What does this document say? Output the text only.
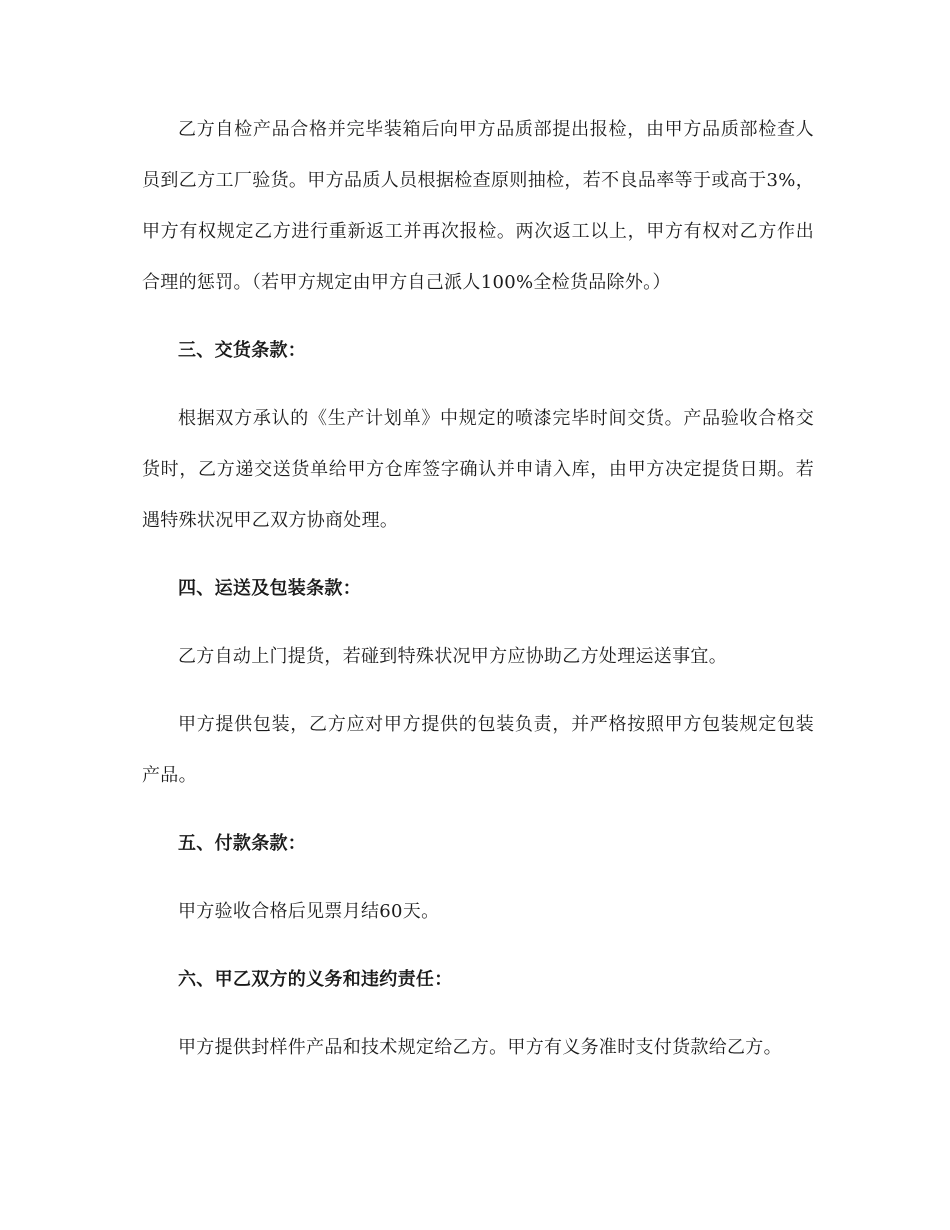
乙方自检产品合格并完毕装箱后向甲方品质部提出报检，由甲方品质部检查人员到乙方工厂验货。甲方品质人员根据检查原则抽检，若不良品率等于或高于3%，甲方有权规定乙方进行重新返工并再次报检。两次返工以上，甲方有权对乙方作出合理的惩罚。（若甲方规定由甲方自己派人100%全检货品除外。）

三、交货条款：

根据双方承认的《生产计划单》中规定的喷漆完毕时间交货。产品验收合格交货时，乙方递交送货单给甲方仓库签字确认并申请入库，由甲方决定提货日期。若遇特殊状况甲乙双方协商处理。

四、运送及包装条款：

乙方自动上门提货，若碰到特殊状况甲方应协助乙方处理运送事宜。

甲方提供包装，乙方应对甲方提供的包装负责，并严格按照甲方包装规定包装产品。

五、付款条款：

甲方验收合格后见票月结60天。

六、甲乙双方的义务和违约责任：

甲方提供封样件产品和技术规定给乙方。甲方有义务准时支付货款给乙方。
